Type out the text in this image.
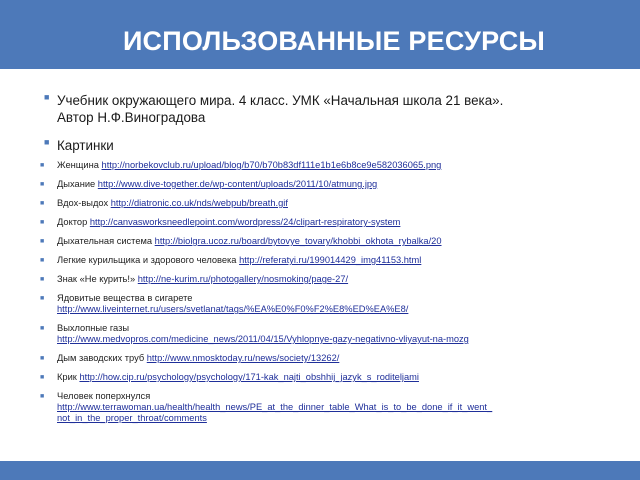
ИСПОЛЬЗОВАННЫЕ РЕСУРСЫ
■ Учебник окружающего мира. 4 класс. УМК «Начальная школа 21 века».
Автор Н.Ф.Виноградова
■ Картинки
■ Женщина http://norbekovclub.ru/upload/blog/b70/b70b83df111e1b1e6b8ce9e582036065.png
■ Дыхание http://www.dive-together.de/wp-content/uploads/2011/10/atmung.jpg
■ Вдох-выдох http://diatronic.co.uk/nds/webpub/breath.gif
■ Доктор http://canvasworksneedlepoint.com/wordpress/24/clipart-respiratory-system
■ Дыхательная система http://biolgra.ucoz.ru/board/bytovye_tovary/khobbi_okhota_rybalka/20
■ Легкие курильщика и здорового человека http://referatyi.ru/199014429_img41153.html
■ Знак «Не курить!» http://ne-kurim.ru/photogallery/nosmoking/page-27/
■ Ядовитые вещества в сигарете
http://www.liveinternet.ru/users/svetlanat/tags/%EA%E0%F0%F2%E8%ED%EA%E8/
■ Выхлопные газы
http://www.medvopros.com/medicine_news/2011/04/15/Vyhlopnye-gazy-negativno-vliyayut-na-mozg
■ Дым заводских труб http://www.nmosktoday.ru/news/society/13262/
■ Крик http://how.cip.ru/psychology/psychology/171-kak_najti_obshhij_jazyk_s_roditeljami
■ Человек поперхнулся
http://www.terrawoman.ua/health/health_news/PE_at_the_dinner_table_What_is_to_be_done_if_it_went_
not_in_the_proper_throat/comments
